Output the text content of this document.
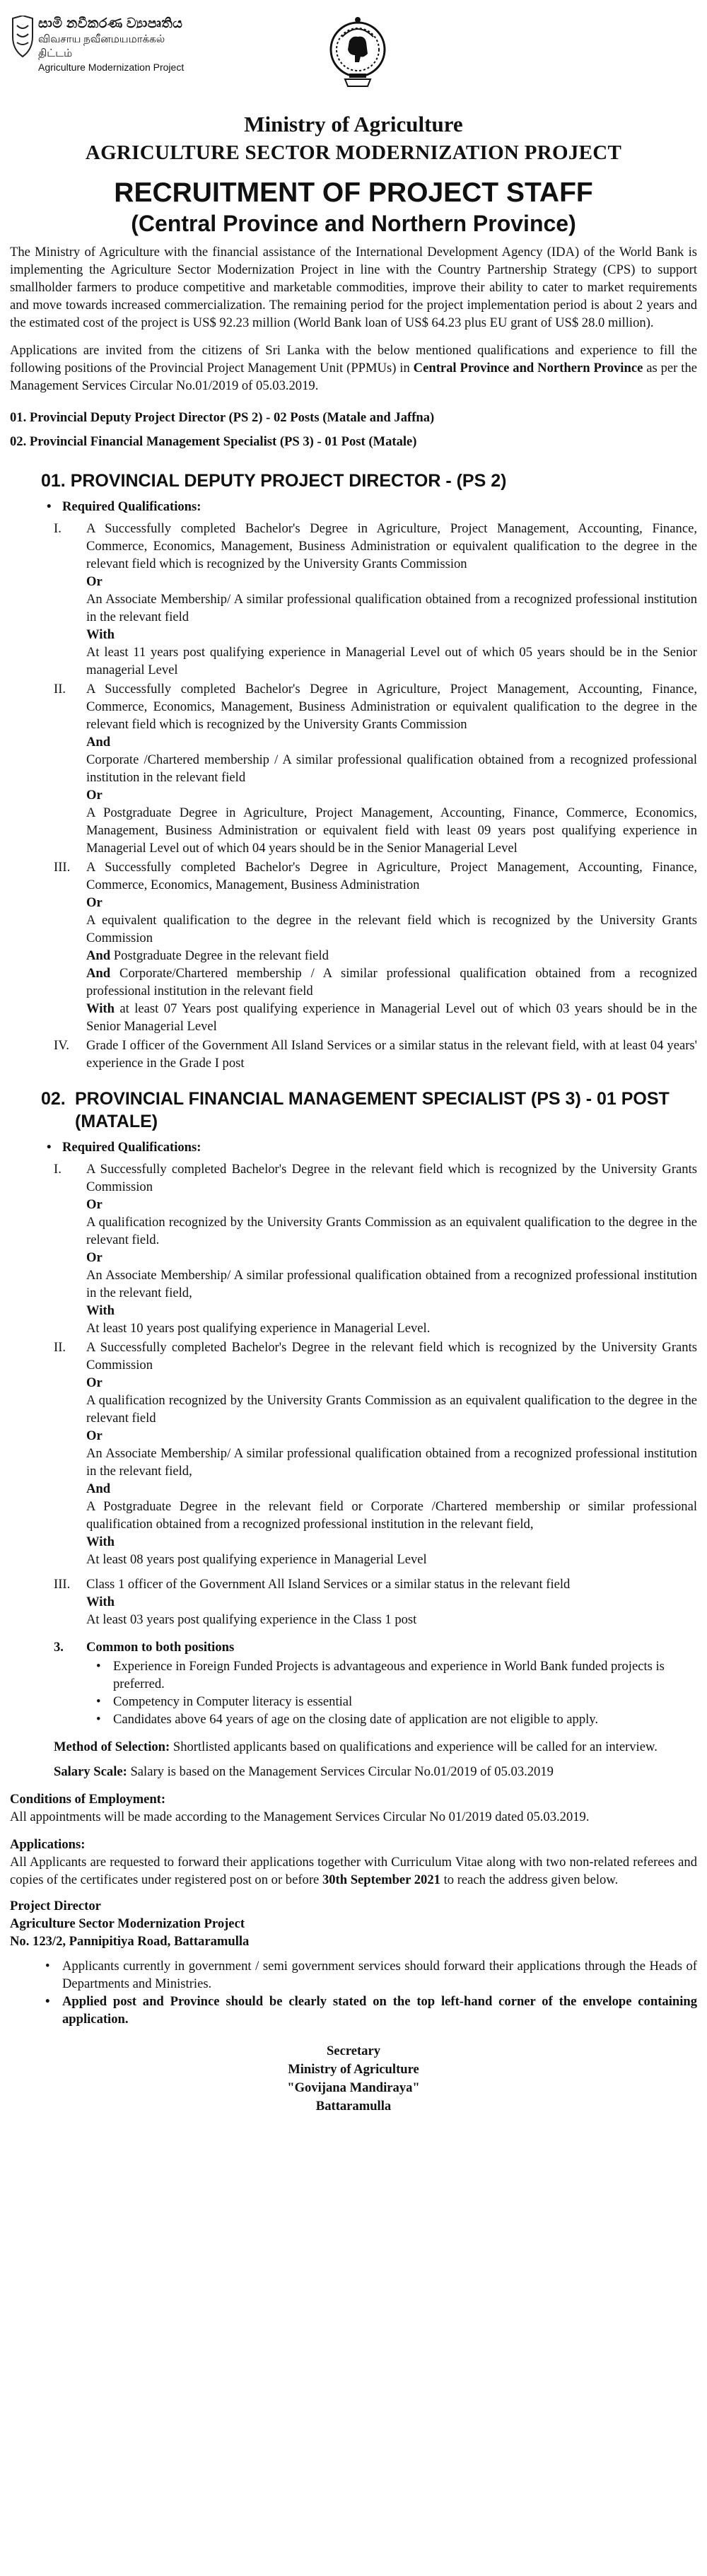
සාමි නවීකරණ ව්‍යාපෘතිය
விவசாய நவீனமயமாக்கல் திட்டம்
Agriculture Modernization Project
Ministry of Agriculture
AGRICULTURE SECTOR MODERNIZATION PROJECT
RECRUITMENT OF PROJECT STAFF
(Central Province and Northern Province)

The Ministry of Agriculture with the financial assistance of the International Development Agency (IDA) of the World Bank is implementing the Agriculture Sector Modernization Project in line with the Country Partnership Strategy (CPS) to support smallholder farmers to produce competitive and marketable commodities, improve their ability to cater to market requirements and move towards increased commercialization. The remaining period for the project implementation period is about 2 years and the estimated cost of the project is US$ 92.23 million (World Bank loan of US$ 64.23 plus EU grant of US$ 28.0 million).

Applications are invited from the citizens of Sri Lanka with the below mentioned qualifications and experience to fill the following positions of the Provincial Project Management Unit (PPMUs) in Central Province and Northern Province as per the Management Services Circular No.01/2019 of 05.03.2019.

01. Provincial Deputy Project Director (PS 2) - 02 Posts (Matale and Jaffna)
02. Provincial Financial Management Specialist (PS 3) - 01 Post (Matale)
01. PROVINCIAL DEPUTY PROJECT DIRECTOR - (PS 2)
• Required Qualifications:
I. A Successfully completed Bachelor's Degree in Agriculture, Project Management, Accounting, Finance, Commerce, Economics, Management, Business Administration or equivalent qualification to the degree in the relevant field which is recognized by the University Grants Commission

Or

An Associate Membership/ A similar professional qualification obtained from a recognized professional institution in the relevant field

With

At least 11 years post qualifying experience in Managerial Level out of which 05 years should be in the Senior managerial Level

II. A Successfully completed Bachelor's Degree in Agriculture, Project Management, Accounting, Finance, Commerce, Economics, Management, Business Administration or equivalent qualification to the degree in the relevant field which is recognized by the University Grants Commission

And

Corporate /Chartered membership / A similar professional qualification obtained from a recognized professional institution in the relevant field

Or

A Postgraduate Degree in Agriculture, Project Management, Accounting, Finance, Commerce, Economics, Management, Business Administration or equivalent field with least 09 years post qualifying experience in Managerial Level out of which 04 years should be in the Senior Managerial Level

III. A Successfully completed Bachelor's Degree in Agriculture, Project Management, Accounting, Finance, Commerce, Economics, Management, Business Administration

Or

A equivalent qualification to the degree in the relevant field which is recognized by the University Grants Commission

And Postgraduate Degree in the relevant field

And Corporate/Chartered membership / A similar professional qualification obtained from a recognized professional institution in the relevant field

With at least 07 Years post qualifying experience in Managerial Level out of which 03 years should be in the Senior Managerial Level

IV. Grade I officer of the Government All Island Services or a similar status in the relevant field, with at least 04 years' experience in the Grade I post

02. PROVINCIAL FINANCIAL MANAGEMENT SPECIALIST (PS 3) - 01 POST (MATALE)
• Required Qualifications:
I. A Successfully completed Bachelor's Degree in the relevant field which is recognized by the University Grants Commission

Or

A qualification recognized by the University Grants Commission as an equivalent qualification to the degree in the relevant field.

Or

An Associate Membership/ A similar professional qualification obtained from a recognized professional institution in the relevant field,

With

At least 10 years post qualifying experience in Managerial Level.

II. A Successfully completed Bachelor's Degree in the relevant field which is recognized by the University Grants Commission

Or

A qualification recognized by the University Grants Commission as an equivalent qualification to the degree in the relevant field

Or

An Associate Membership/ A similar professional qualification obtained from a recognized professional institution in the relevant field,

And

A Postgraduate Degree in the relevant field or Corporate /Chartered membership or similar professional qualification obtained from a recognized professional institution in the relevant field,

With

At least 08 years post qualifying experience in Managerial Level

III. Class 1 officer of the Government All Island Services or a similar status in the relevant field

With

At least 03 years post qualifying experience in the Class 1 post

3. Common to both positions
• Experience in Foreign Funded Projects is advantageous and experience in World Bank funded projects is preferred.
• Competency in Computer literacy is essential
• Candidates above 64 years of age on the closing date of application are not eligible to apply.

Method of Selection: Shortlisted applicants based on qualifications and experience will be called for an interview.

Salary Scale: Salary is based on the Management Services Circular No.01/2019 of 05.03.2019

Conditions of Employment:

All appointments will be made according to the Management Services Circular No 01/2019 dated 05.03.2019.

Applications:

All Applicants are requested to forward their applications together with Curriculum Vitae along with two non-related referees and copies of the certificates under registered post on or before 30th September 2021 to reach the address given below.

Project Director
Agriculture Sector Modernization Project
No. 123/2, Pannipitiya Road, Battaramulla
• Applicants currently in government / semi government services should forward their applications through the Heads of Departments and Ministries.
• Applied post and Province should be clearly stated on the top left-hand corner of the envelope containing application.
Secretary
Ministry of Agriculture
"Govijana Mandiraya"
Battaramulla
